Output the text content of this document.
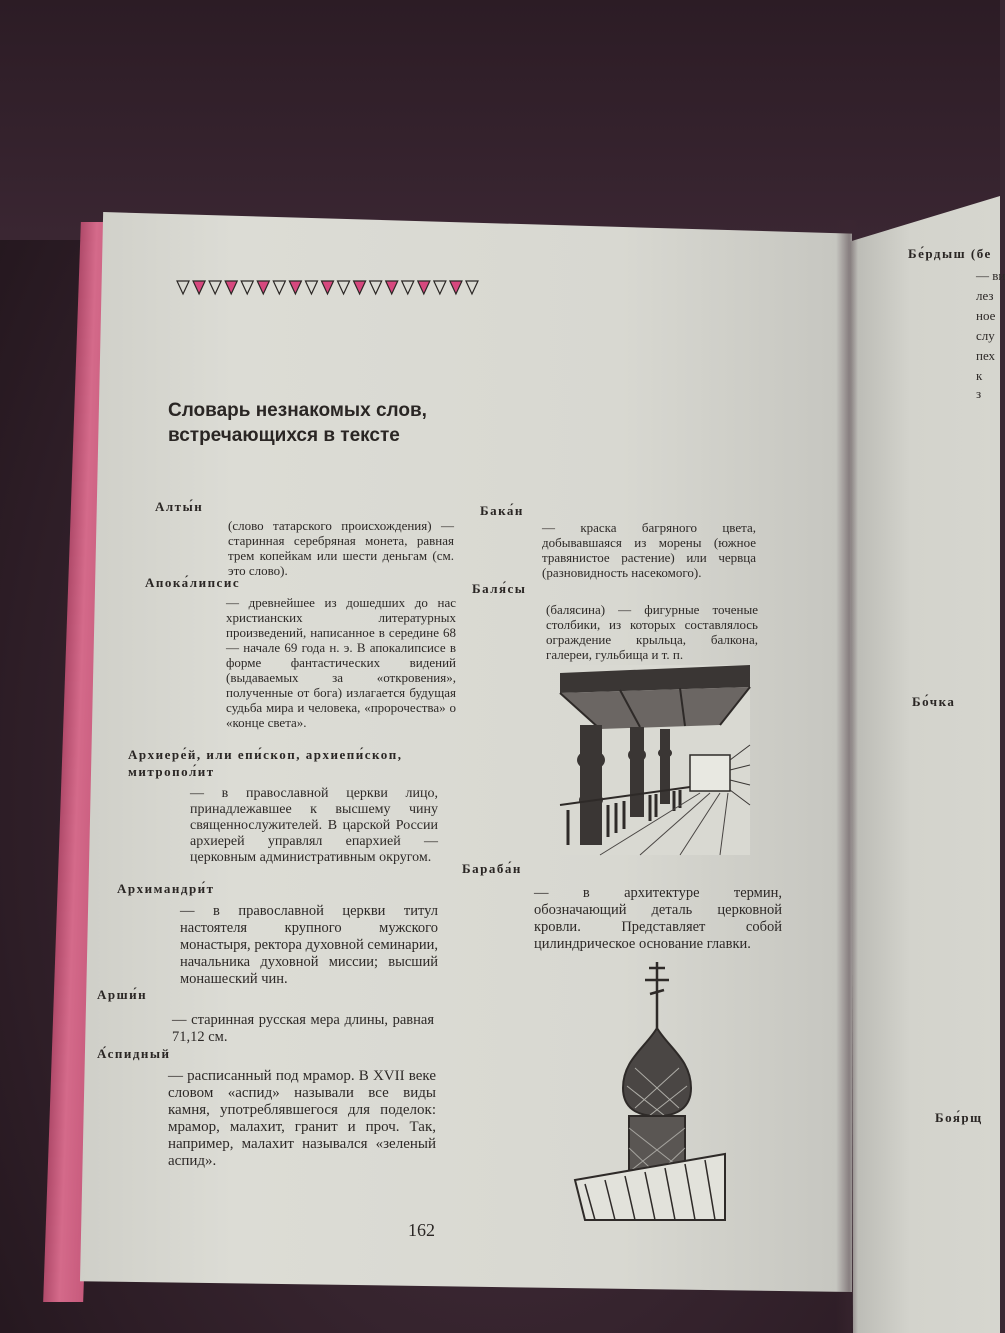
Словарь незнакомых слов,
встречающихся в тексте
Алты́н

(слово татарского происхождения) — старинная серебряная монета, равная трем копейкам или шести деньгам (см. это слово).

Апока́липсис

— древнейшее из дошедших до нас христианских литературных произведений, написанное в середине 68 — начале 69 года н. э. В апокалипсисе в форме фантастических видений (выдаваемых за «откровения», полученные от бога) излагается будущая судьба мира и человека, «пророчества» о «конце света».

Архиере́й, или епи́скоп, архиепи́скоп,
митропол́ит

— в православной церкви лицо, принадлежавшее к высшему чину священнослужителей. В царской России архиерей управлял епархией — церковным административным округом.

Архимандри́т

— в православной церкви титул настоятеля крупного мужского монастыря, ректора духовной семинарии, начальника духовной миссии; высший монашеский чин.

Арши́н

— старинная русская мера длины, равная 71,12 см.

А́спидный

— расписанный под мрамор. В XVII веке словом «аспид» называли все виды камня, употреблявшегося для поделок: мрамор, малахит, гранит и проч. Так, например, малахит назывался «зеленый аспид».

Бака́н

— краска багряного цвета, добывавшаяся из морены (южное травянистое растение) или червца (разновидность насекомого).

Баля́сы

(балясина) — фигурные точеные столбики, из которых составлялось ограждение крыльца, балкона, галереи, гульбища и т. п.

Бараба́н

— в архитектуре термин, обозначающий деталь церковной кровли. Представляет собой цилиндрическое основание главки.

162
Бе́рдыш (бе
— ви
лез
ное
слу
пех
к
з
Бо́чка
Боя́рщ
